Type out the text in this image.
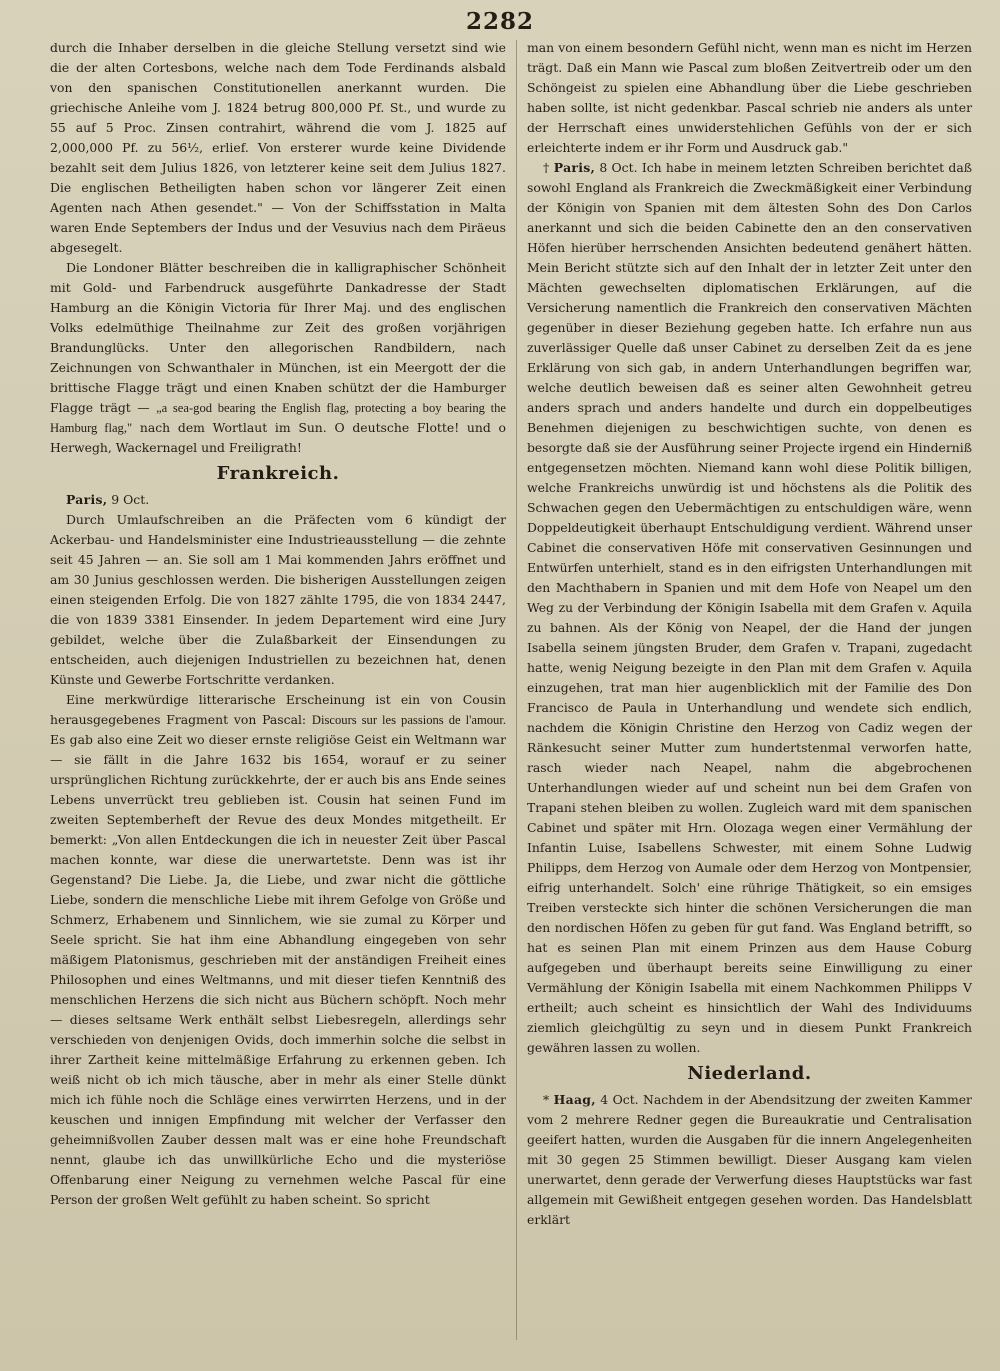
2282

durch die Inhaber derselben in die gleiche Stellung versetzt sind wie die der alten Cortesbons, welche nach dem Tode Ferdinands alsbald von den spanischen Constitutionellen anerkannt wurden. Die griechische Anleihe vom J. 1824 betrug 800,000 Pf. St., und wurde zu 55 auf 5 Proc. Zinsen contrahirt, während die vom J. 1825 auf 2,000,000 Pf. zu 56½, erlief. Von ersterer wurde keine Dividende bezahlt seit dem Julius 1826, von letzterer keine seit dem Julius 1827. Die englischen Betheiligten haben schon vor längerer Zeit einen Agenten nach Athen gesendet." — Von der Schiffsstation in Malta waren Ende Septembers der Indus und der Vesuvius nach dem Piräeus abgesegelt.

Die Londoner Blätter beschreiben die in kalligraphischer Schönheit mit Gold- und Farbendruck ausgeführte Dankadresse der Stadt Hamburg an die Königin Victoria für Ihrer Maj. und des englischen Volks edelmüthige Theilnahme zur Zeit des großen vorjährigen Brandunglücks. Unter den allegorischen Randbildern, nach Zeichnungen von Schwanthaler in München, ist ein Meergott der die brittische Flagge trägt und einen Knaben schützt der die Hamburger Flagge trägt — „a sea-god bearing the English flag, protecting a boy bearing the Hamburg flag," nach dem Wortlaut im Sun. O deutsche Flotte! und o Herwegh, Wackernagel und Freiligrath!

Frankreich.

Paris, 9 Oct.

Durch Umlaufschreiben an die Präfecten vom 6 kündigt der Ackerbau- und Handelsminister eine Industrieausstellung — die zehnte seit 45 Jahren — an. Sie soll am 1 Mai kommenden Jahrs eröffnet und am 30 Junius geschlossen werden. Die bisherigen Ausstellungen zeigen einen steigenden Erfolg. Die von 1827 zählte 1795, die von 1834 2447, die von 1839 3381 Einsender. In jedem Departement wird eine Jury gebildet, welche über die Zulaßbarkeit der Einsendungen zu entscheiden, auch diejenigen Industriellen zu bezeichnen hat, denen Künste und Gewerbe Fortschritte verdanken.

Eine merkwürdige litterarische Erscheinung ist ein von Cousin herausgegebenes Fragment von Pascal: Discours sur les passions de l'amour. Es gab also eine Zeit wo dieser ernste religiöse Geist ein Weltmann war — sie fällt in die Jahre 1632 bis 1654, worauf er zu seiner ursprünglichen Richtung zurückkehrte, der er auch bis ans Ende seines Lebens unverrückt treu geblieben ist. Cousin hat seinen Fund im zweiten Septemberheft der Revue des deux Mondes mitgetheilt. Er bemerkt: „Von allen Entdeckungen die ich in neuester Zeit über Pascal machen konnte, war diese die unerwartetste. Denn was ist ihr Gegenstand? Die Liebe. Ja, die Liebe, und zwar nicht die göttliche Liebe, sondern die menschliche Liebe mit ihrem Gefolge von Größe und Schmerz, Erhabenem und Sinnlichem, wie sie zumal zu Körper und Seele spricht. Sie hat ihm eine Abhandlung eingegeben von sehr mäßigem Platonismus, geschrieben mit der anständigen Freiheit eines Philosophen und eines Weltmanns, und mit dieser tiefen Kenntniß des menschlichen Herzens die sich nicht aus Büchern schöpft. Noch mehr — dieses seltsame Werk enthält selbst Liebesregeln, allerdings sehr verschieden von denjenigen Ovids, doch immerhin solche die selbst in ihrer Zartheit keine mittelmäßige Erfahrung zu erkennen geben. Ich weiß nicht ob ich mich täusche, aber in mehr als einer Stelle dünkt mich ich fühle noch die Schläge eines verwirrten Herzens, und in der keuschen und innigen Empfindung mit welcher der Verfasser den geheimnißvollen Zauber dessen malt was er eine hohe Freundschaft nennt, glaube ich das unwillkürliche Echo und die mysteriöse Offenbarung einer Neigung zu vernehmen welche Pascal für eine Person der großen Welt gefühlt zu haben scheint. So spricht

man von einem besondern Gefühl nicht, wenn man es nicht im Herzen trägt. Daß ein Mann wie Pascal zum bloßen Zeitvertreib oder um den Schöngeist zu spielen eine Abhandlung über die Liebe geschrieben haben sollte, ist nicht gedenkbar. Pascal schrieb nie anders als unter der Herrschaft eines unwiderstehlichen Gefühls von der er sich erleichterte indem er ihr Form und Ausdruck gab."

† Paris, 8 Oct. Ich habe in meinem letzten Schreiben berichtet daß sowohl England als Frankreich die Zweckmäßigkeit einer Verbindung der Königin von Spanien mit dem ältesten Sohn des Don Carlos anerkannt und sich die beiden Cabinette den an den conservativen Höfen hierüber herrschenden Ansichten bedeutend genähert hätten. Mein Bericht stützte sich auf den Inhalt der in letzter Zeit unter den Mächten gewechselten diplomatischen Erklärungen, auf die Versicherung namentlich die Frankreich den conservativen Mächten gegenüber in dieser Beziehung gegeben hatte. Ich erfahre nun aus zuverlässiger Quelle daß unser Cabinet zu derselben Zeit da es jene Erklärung von sich gab, in andern Unterhandlungen begriffen war, welche deutlich beweisen daß es seiner alten Gewohnheit getreu anders sprach und anders handelte und durch ein doppelbeutiges Benehmen diejenigen zu beschwichtigen suchte, von denen es besorgte daß sie der Ausführung seiner Projecte irgend ein Hinderniß entgegensetzen möchten. Niemand kann wohl diese Politik billigen, welche Frankreichs unwürdig ist und höchstens als die Politik des Schwachen gegen den Uebermächtigen zu entschuldigen wäre, wenn Doppeldeutigkeit überhaupt Entschuldigung verdient. Während unser Cabinet die conservativen Höfe mit conservativen Gesinnungen und Entwürfen unterhielt, stand es in den eifrigsten Unterhandlungen mit den Machthabern in Spanien und mit dem Hofe von Neapel um den Weg zu der Verbindung der Königin Isabella mit dem Grafen v. Aquila zu bahnen. Als der König von Neapel, der die Hand der jungen Isabella seinem jüngsten Bruder, dem Grafen v. Trapani, zugedacht hatte, wenig Neigung bezeigte in den Plan mit dem Grafen v. Aquila einzugehen, trat man hier augenblicklich mit der Familie des Don Francisco de Paula in Unterhandlung und wendete sich endlich, nachdem die Königin Christine den Herzog von Cadiz wegen der Ränkesucht seiner Mutter zum hundertstenmal verworfen hatte, rasch wieder nach Neapel, nahm die abgebrochenen Unterhandlungen wieder auf und scheint nun bei dem Grafen von Trapani stehen bleiben zu wollen. Zugleich ward mit dem spanischen Cabinet und später mit Hrn. Olozaga wegen einer Vermählung der Infantin Luise, Isabellens Schwester, mit einem Sohne Ludwig Philipps, dem Herzog von Aumale oder dem Herzog von Montpensier, eifrig unterhandelt. Solch' eine rührige Thätigkeit, so ein emsiges Treiben versteckte sich hinter die schönen Versicherungen die man den nordischen Höfen zu geben für gut fand. Was England betrifft, so hat es seinen Plan mit einem Prinzen aus dem Hause Coburg aufgegeben und überhaupt bereits seine Einwilligung zu einer Vermählung der Königin Isabella mit einem Nachkommen Philipps V ertheilt; auch scheint es hinsichtlich der Wahl des Individuums ziemlich gleichgültig zu seyn und in diesem Punkt Frankreich gewähren lassen zu wollen.

Niederland.

* Haag, 4 Oct. Nachdem in der Abendsitzung der zweiten Kammer vom 2 mehrere Redner gegen die Bureaukratie und Centralisation geeifert hatten, wurden die Ausgaben für die innern Angelegenheiten mit 30 gegen 25 Stimmen bewilligt. Dieser Ausgang kam vielen unerwartet, denn gerade der Verwerfung dieses Hauptstücks war fast allgemein mit Gewißheit entgegen gesehen worden. Das Handelsblatt erklärt
